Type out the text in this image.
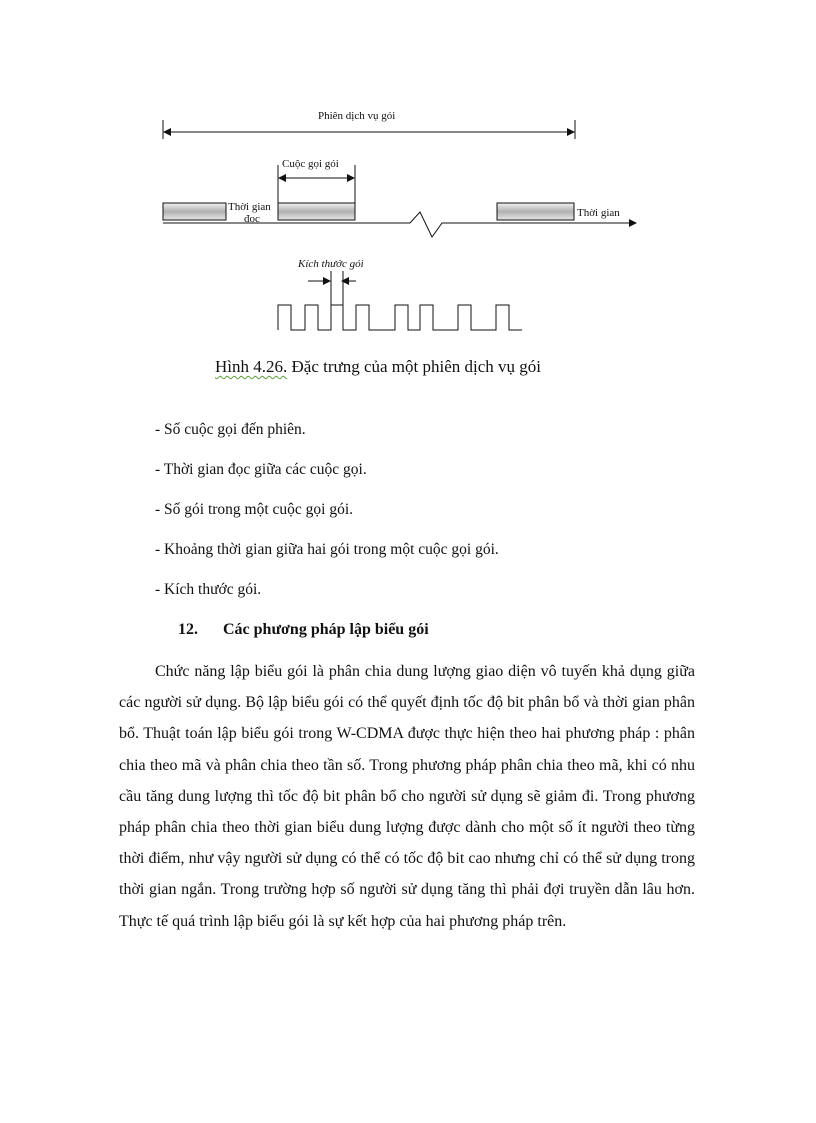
Phiên dịch vụ gói
Cuộc gọi gói
Thời gian
đọc	Thời gian
Kích thước gói
Hình 4.26. Đặc trưng của một phiên dịch vụ gói
- Số cuộc gọi đến phiên.
- Thời gian đọc giữa các cuộc gọi.
- Số gói trong một cuộc gọi gói.
- Khoảng thời gian giữa hai gói trong một cuộc gọi gói.
- Kích thước gói.
12. Các phương pháp lập biểu gói

Chức năng lập biểu gói là phân chia dung lượng giao diện vô tuyến khả dụng giữa các người sử dụng. Bộ lập biểu gói có thể quyết định tốc độ bit phân bổ và thời gian phân bổ. Thuật toán lập biểu gói trong W-CDMA được thực hiện theo hai phương pháp : phân chia theo mã và phân chia theo tần số. Trong phương pháp phân chia theo mã, khi có nhu cầu tăng dung lượng thì tốc độ bit phân bổ cho người sử dụng sẽ giảm đi. Trong phương pháp phân chia theo thời gian biểu dung lượng được dành cho một số ít người theo từng thời điểm, như vậy người sử dụng có thể có tốc độ bit cao nhưng chỉ có thể sử dụng trong thời gian ngắn. Trong trường hợp số người sử dụng tăng thì phải đợi truyền dẫn lâu hơn. Thực tế quá trình lập biểu gói là sự kết hợp của hai phương pháp trên.
